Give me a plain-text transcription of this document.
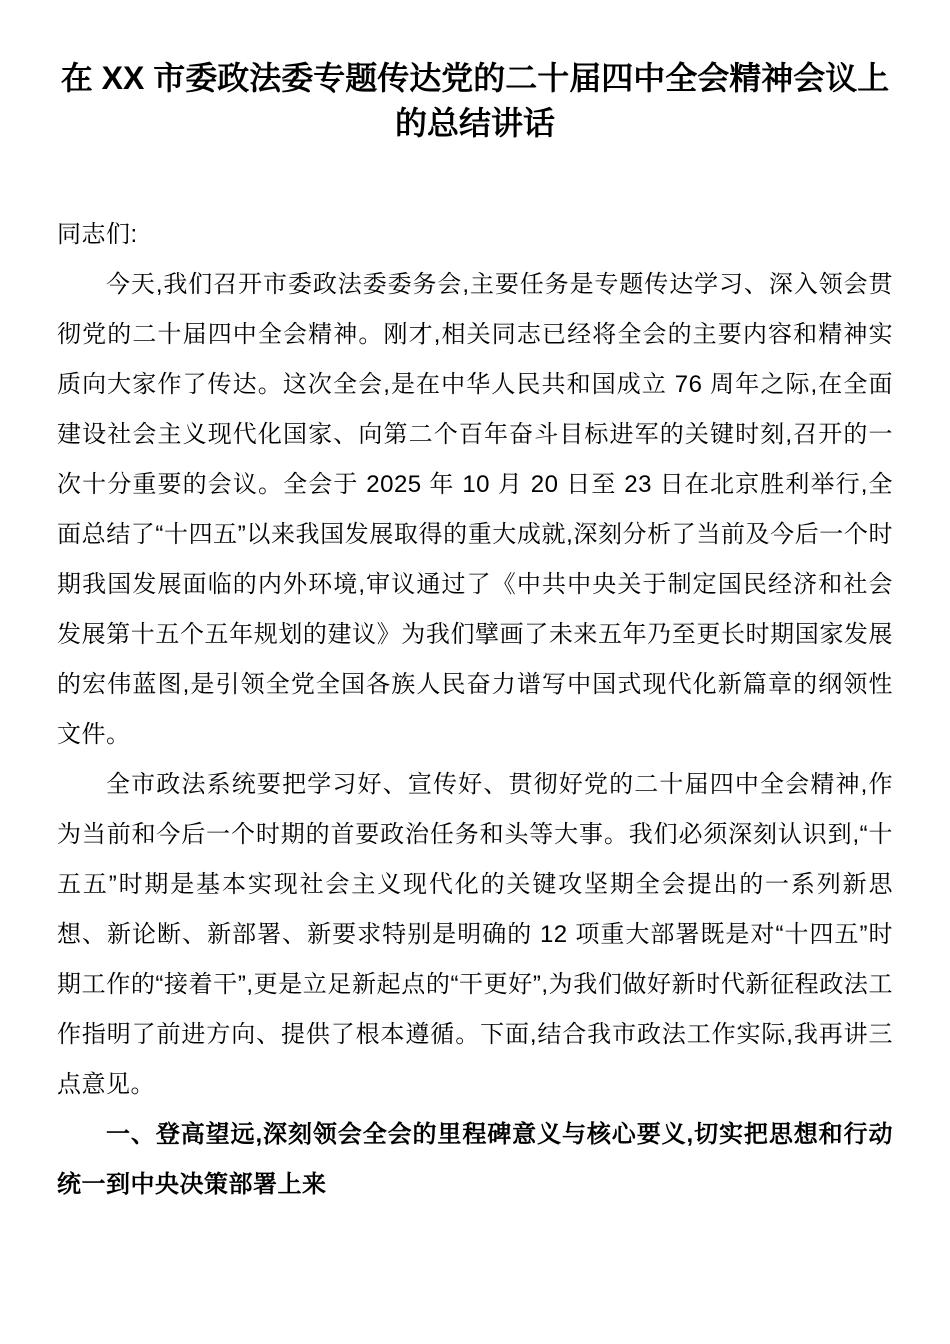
在 XX 市委政法委专题传达党的二十届四中全会精神会议上的总结讲话

同志们:

今天,我们召开市委政法委委务会,主要任务是专题传达学习、深入领会贯彻党的二十届四中全会精神。刚才,相关同志已经将全会的主要内容和精神实质向大家作了传达。这次全会,是在中华人民共和国成立 76 周年之际,在全面建设社会主义现代化国家、向第二个百年奋斗目标进军的关键时刻,召开的一次十分重要的会议。全会于 2025 年 10 月 20 日至 23 日在北京胜利举行,全面总结了“十四五”以来我国发展取得的重大成就,深刻分析了当前及今后一个时期我国发展面临的内外环境,审议通过了《中共中央关于制定国民经济和社会发展第十五个五年规划的建议》为我们擘画了未来五年乃至更长时期国家发展的宏伟蓝图,是引领全党全国各族人民奋力谱写中国式现代化新篇章的纲领性文件。

全市政法系统要把学习好、宣传好、贯彻好党的二十届四中全会精神,作为当前和今后一个时期的首要政治任务和头等大事。我们必须深刻认识到,“十五五”时期是基本实现社会主义现代化的关键攻坚期全会提出的一系列新思想、新论断、新部署、新要求特别是明确的 12 项重大部署既是对“十四五”时期工作的“接着干”,更是立足新起点的“干更好”,为我们做好新时代新征程政法工作指明了前进方向、提供了根本遵循。下面,结合我市政法工作实际,我再讲三点意见。

一、登高望远,深刻领会全会的里程碑意义与核心要义,切实把思想和行动统一到中央决策部署上来
